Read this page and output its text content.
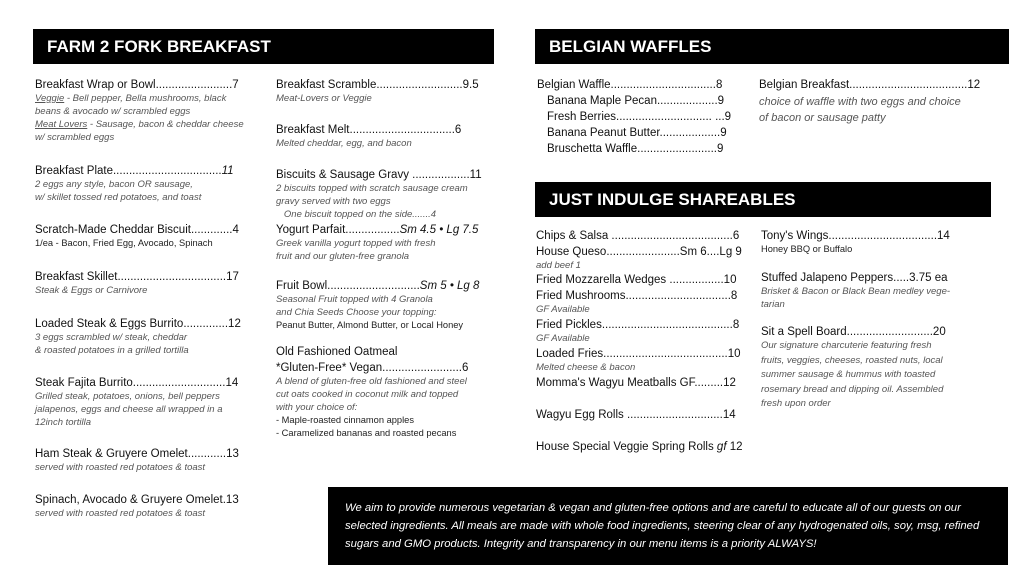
FARM 2 FORK BREAKFAST	BELGIAN WAFFLES
JUST INDULGE SHAREABLES
Breakfast Wrap or Bowl........................7
Veggie - Bell pepper, Bella mushrooms, black
beans & avocado w/ scrambled eggs
Meat Lovers - Sausage, bacon & cheddar cheese
w/ scrambled eggs
Breakfast Plate..................................11
2 eggs any style, bacon OR sausage,
w/ skillet tossed red potatoes, and toast
Scratch-Made Cheddar Biscuit.............4
1/ea - Bacon, Fried Egg, Avocado, Spinach
Breakfast Skillet..................................17
Steak & Eggs or Carnivore
Loaded Steak & Eggs Burrito..............12
3 eggs scrambled w/ steak, cheddar
& roasted potatoes in a grilled tortilla
Steak Fajita Burrito.............................14
Grilled steak, potatoes, onions, bell peppers
jalapenos, eggs and cheese all wrapped in a
12inch tortilla
Ham Steak & Gruyere Omelet............13
served with roasted red potatoes & toast
Spinach, Avocado & Gruyere Omelet.13
served with roasted red potatoes & toast
Breakfast Scramble...........................9.5
Meat-Lovers or Veggie
Breakfast Melt.................................6
Melted cheddar, egg, and bacon
Biscuits & Sausage Gravy ..................11
2 biscuits topped with scratch sausage cream
gravy served with two eggs
One biscuit topped on the side.......4
Yogurt Parfait.................Sm 4.5 • Lg 7.5
Greek vanilla yogurt topped with fresh
fruit and our gluten-free granola
Fruit Bowl.............................Sm 5 • Lg 8
Seasonal Fruit topped with 4 Granola
and Chia Seeds Choose your topping:
Peanut Butter, Almond Butter, or Local Honey
Old Fashioned Oatmeal
*Gluten-Free* Vegan.........................6
A blend of gluten-free old fashioned and steel
cut oats cooked in coconut milk and topped
with your choice of:
- Maple-roasted cinnamon apples
- Caramelized bananas and roasted pecans
Belgian Waffle.................................8
Banana Maple Pecan...................9
Fresh Berries.............................. ...9
Banana Peanut Butter...................9
Bruschetta Waffle.........................9
Belgian Breakfast.....................................12
choice of waffle with two eggs and choice
of bacon or sausage patty
Chips & Salsa ......................................6
House Queso.......................Sm 6....Lg 9
add beef 1
Fried Mozzarella Wedges .................10
Fried Mushrooms.................................8
GF Available
Fried Pickles.........................................8
GF Available
Loaded Fries.......................................10
Melted cheese & bacon
Momma's Wagyu Meatballs GF.........12
Wagyu Egg Rolls ..............................14
House Special Veggie Spring Rolls gf 12
Tony's Wings..................................14
Honey BBQ or Buffalo
Stuffed Jalapeno Peppers.....3.75 ea
Brisket & Bacon or Black Bean medley vege-
tarian
Sit a Spell Board...........................20
Our signature charcuterie featuring fresh
fruits, veggies, cheeses, roasted nuts, local
summer sausage & hummus with toasted
rosemary bread and dipping oil. Assembled
fresh upon order
We aim to provide numerous vegetarian & vegan and gluten-free options and are careful to educate all of our guests on our selected ingredients. All meals are made with whole food ingredients, steering clear of any hydrogenated oils, soy, msg, refined sugars and GMO products. Integrity and transparency in our menu items is a priority ALWAYS!
